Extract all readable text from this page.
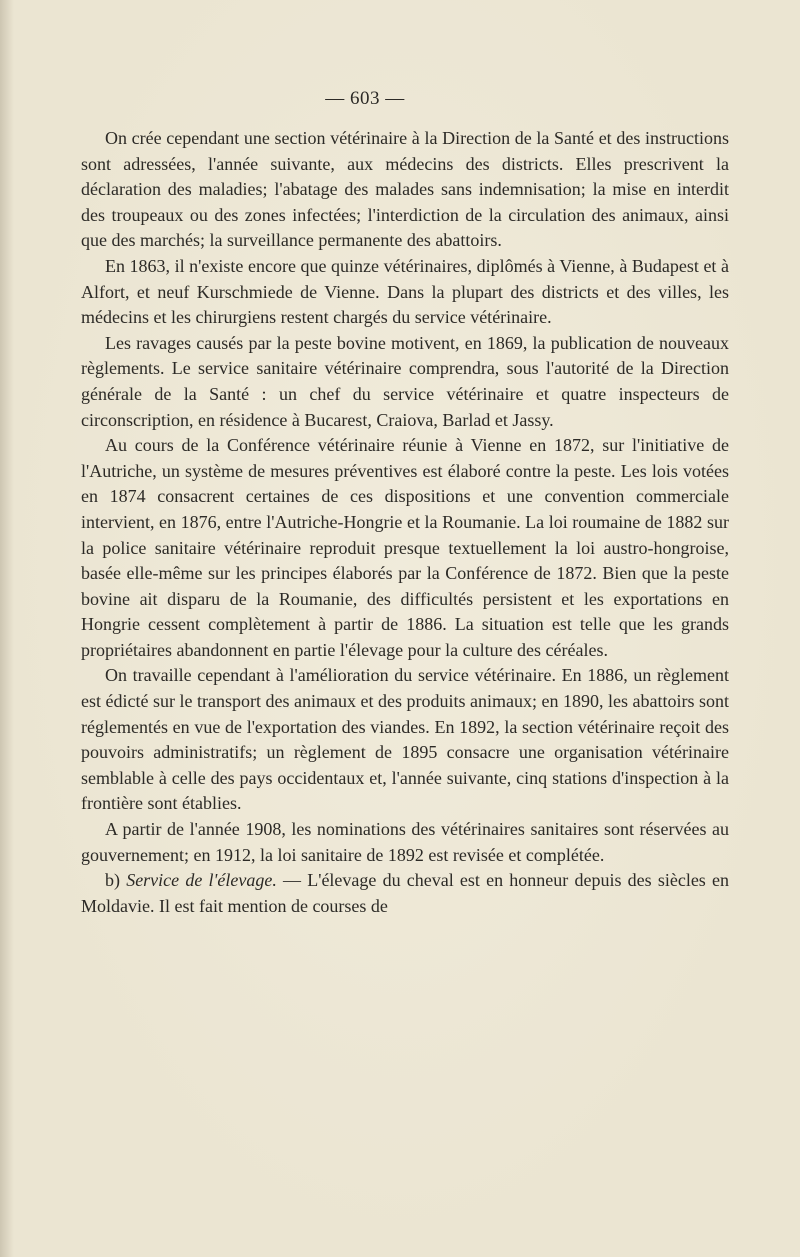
— 603 —

On crée cependant une section vétérinaire à la Direction de la Santé et des instructions sont adressées, l'année suivante, aux médecins des districts. Elles prescrivent la déclaration des maladies; l'abatage des malades sans indemnisation; la mise en interdit des troupeaux ou des zones infectées; l'interdiction de la circulation des animaux, ainsi que des marchés; la surveillance permanente des abattoirs.

En 1863, il n'existe encore que quinze vétérinaires, diplômés à Vienne, à Budapest et à Alfort, et neuf Kurschmiede de Vienne. Dans la plupart des districts et des villes, les médecins et les chirurgiens restent chargés du service vétérinaire.

Les ravages causés par la peste bovine motivent, en 1869, la publication de nouveaux règlements. Le service sanitaire vétérinaire comprendra, sous l'autorité de la Direction générale de la Santé : un chef du service vétérinaire et quatre inspecteurs de circonscription, en résidence à Bucarest, Craiova, Barlad et Jassy.

Au cours de la Conférence vétérinaire réunie à Vienne en 1872, sur l'initiative de l'Autriche, un système de mesures préventives est élaboré contre la peste. Les lois votées en 1874 consacrent certaines de ces dispositions et une convention commerciale intervient, en 1876, entre l'Autriche-Hongrie et la Roumanie. La loi roumaine de 1882 sur la police sanitaire vétérinaire reproduit presque textuellement la loi austro-hongroise, basée elle-même sur les principes élaborés par la Conférence de 1872. Bien que la peste bovine ait disparu de la Roumanie, des difficultés persistent et les exportations en Hongrie cessent complètement à partir de 1886. La situation est telle que les grands propriétaires abandonnent en partie l'élevage pour la culture des céréales.

On travaille cependant à l'amélioration du service vétérinaire. En 1886, un règlement est édicté sur le transport des animaux et des produits animaux; en 1890, les abattoirs sont réglementés en vue de l'exportation des viandes. En 1892, la section vétérinaire reçoit des pouvoirs administratifs; un règlement de 1895 consacre une organisation vétérinaire semblable à celle des pays occidentaux et, l'année suivante, cinq stations d'inspection à la frontière sont établies.

A partir de l'année 1908, les nominations des vétérinaires sanitaires sont réservées au gouvernement; en 1912, la loi sanitaire de 1892 est revisée et complétée.

b) Service de l'élevage. — L'élevage du cheval est en honneur depuis des siècles en Moldavie. Il est fait mention de courses de
